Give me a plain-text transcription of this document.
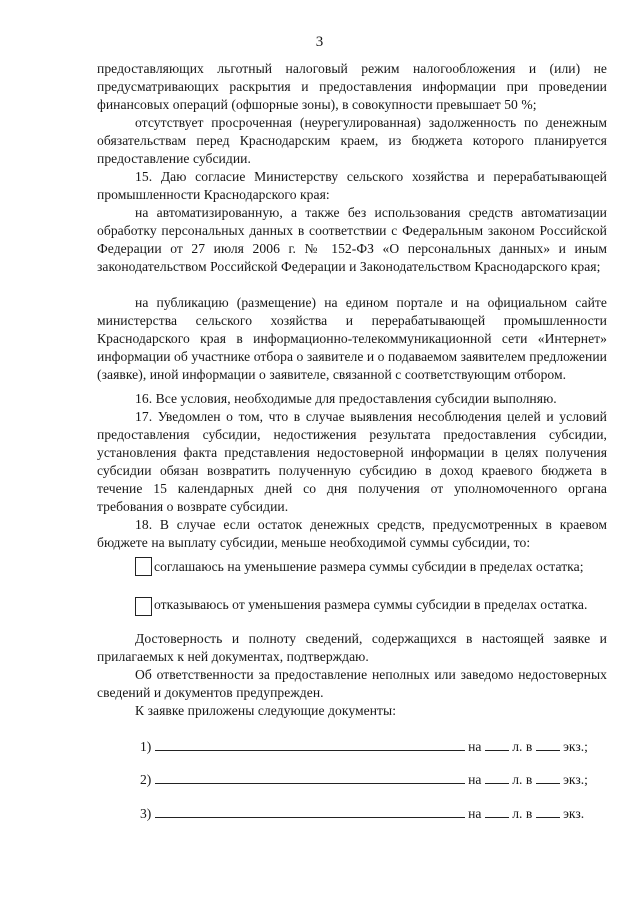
3

предоставляющих льготный налоговый режим налогообложения и (или) не предусматривающих раскрытия и предоставления информации при проведении финансовых операций (офшорные зоны), в совокупности превышает 50 %;

отсутствует просроченная (неурегулированная) задолженность по денежным обязательствам перед Краснодарским краем, из бюджета которого планируется предоставление субсидии.

15. Даю согласие Министерству сельского хозяйства и перерабатывающей промышленности Краснодарского края:

на автоматизированную, а также без использования средств автоматизации обработку персональных данных в соответствии с Федеральным законом Российской Федерации от 27 июля 2006 г. № 152-ФЗ «О персональных данных» и иным законодательством Российской Федерации и Законодательством Краснодарского края;

на публикацию (размещение) на едином портале и на официальном сайте министерства сельского хозяйства и перерабатывающей промышленности Краснодарского края в информационно-телекоммуникационной сети «Интернет» информации об участнике отбора о заявителе и о подаваемом заявителем предложении (заявке), иной информации о заявителе, связанной с соответствующим отбором.

16. Все условия, необходимые для предоставления субсидии выполняю.

17. Уведомлен о том, что в случае выявления несоблюдения целей и условий предоставления субсидии, недостижения результата предоставления субсидии, установления факта представления недостоверной информации в целях получения субсидии обязан возвратить полученную субсидию в доход краевого бюджета в течение 15 календарных дней со дня получения от уполномоченного органа требования о возврате субсидии.

18. В случае если остаток денежных средств, предусмотренных в краевом бюджете на выплату субсидии, меньше необходимой суммы субсидии, то:

соглашаюсь на уменьшение размера суммы субсидии в пределах остатка;

отказываюсь от уменьшения размера суммы субсидии в пределах остатка.

Достоверность и полноту сведений, содержащихся в настоящей заявке и прилагаемых к ней документах, подтверждаю.

Об ответственности за предоставление неполных или заведомо недостоверных сведений и документов предупрежден.

К заявке приложены следующие документы:

1)	на л. в экз.;
2)	на л. в экз.;
3)	на л. в экз.
